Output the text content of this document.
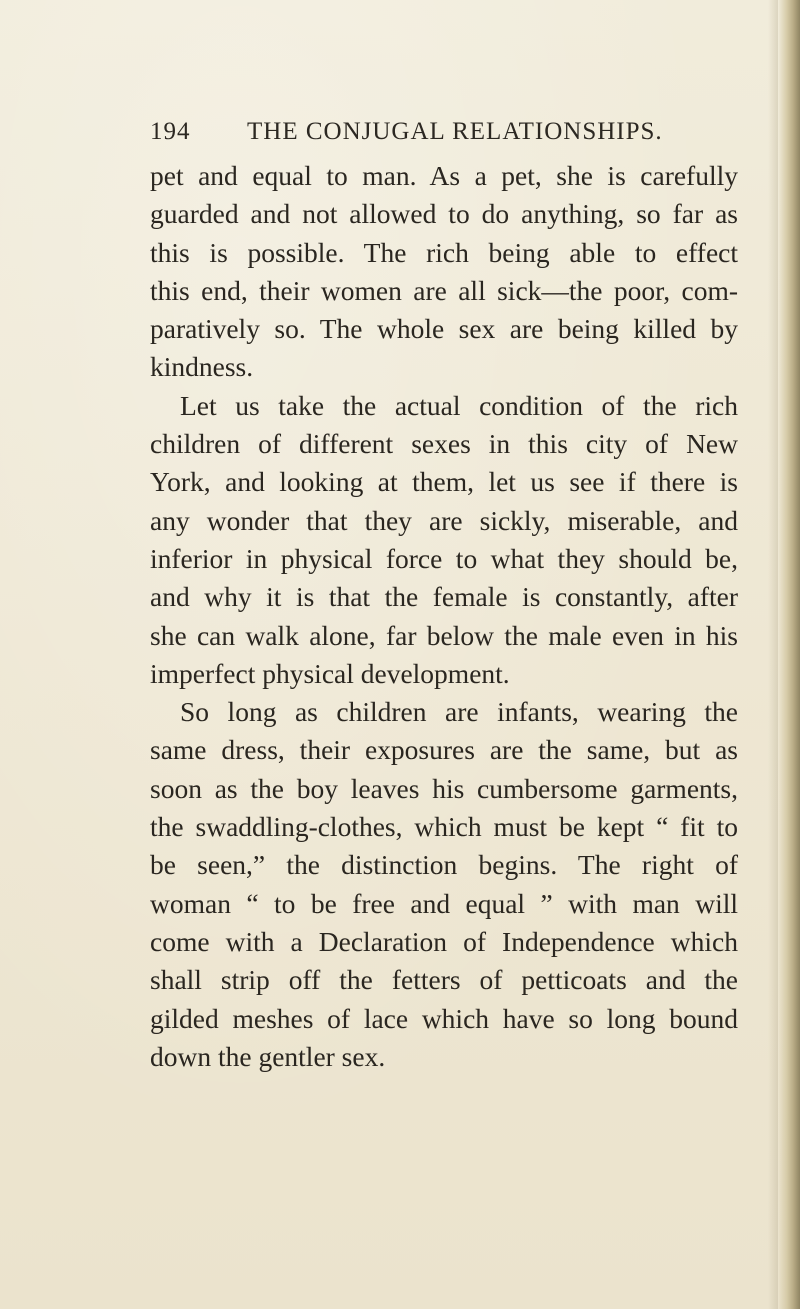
194 THE CONJUGAL RELATIONSHIPS.
pet and equal to man. As a pet, she is carefully
guarded and not allowed to do anything, so far as
this is possible. The rich being able to effect
this end, their women are all sick—the poor, com-
paratively so. The whole sex are being killed by
kindness.
Let us take the actual condition of the rich
children of different sexes in this city of New
York, and looking at them, let us see if there is
any wonder that they are sickly, miserable, and
inferior in physical force to what they should be,
and why it is that the female is constantly, after
she can walk alone, far below the male even in his
imperfect physical development.
So long as children are infants, wearing the
same dress, their exposures are the same, but as
soon as the boy leaves his cumbersome garments,
the swaddling-clothes, which must be kept “ fit to
be seen,” the distinction begins. The right of
woman “ to be free and equal ” with man will
come with a Declaration of Independence which
shall strip off the fetters of petticoats and the
gilded meshes of lace which have so long bound
down the gentler sex.
